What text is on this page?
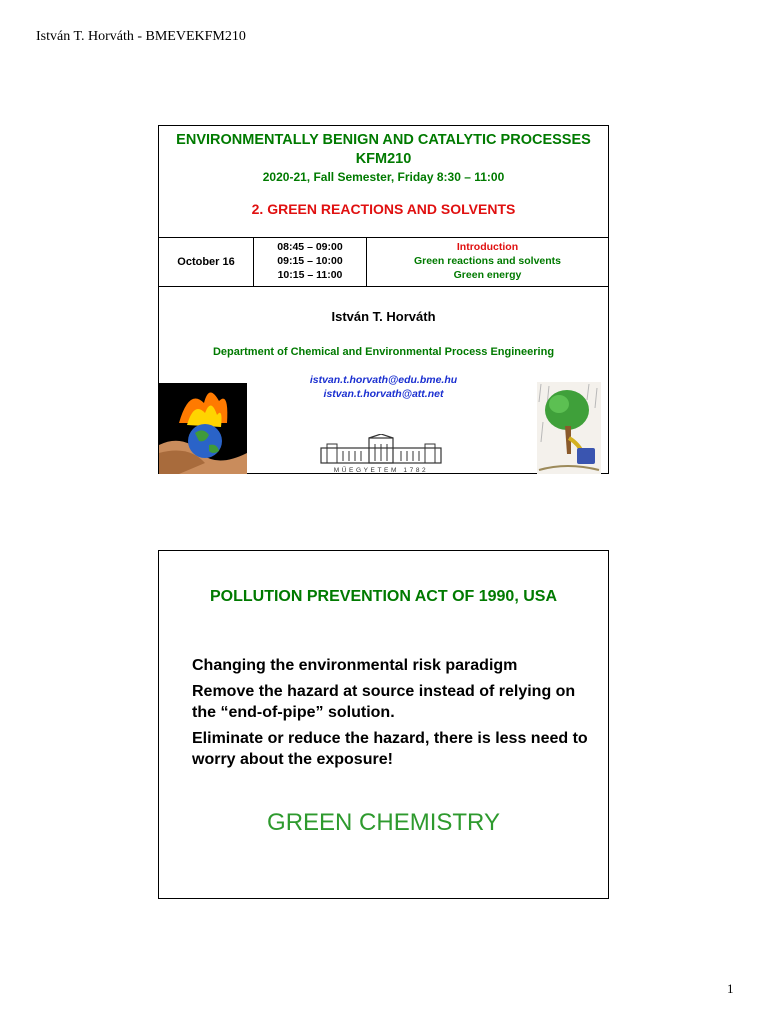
István T. Horváth - BMEVEKFM210
ENVIRONMENTALLY BENIGN AND CATALYTIC PROCESSES
KFM210
2020-21, Fall Semester, Friday 8:30 – 11:00
2. GREEN REACTIONS AND SOLVENTS
October 16
08:45 – 09:00
09:15 – 10:00
10:15 – 11:00
Introduction
Green reactions and solvents
Green energy
István T. Horváth
Department of Chemical and Environmental Process Engineering
istvan.t.horvath@edu.bme.hu
istvan.t.horvath@att.net
MŰEGYETEM 1782
POLLUTION PREVENTION ACT OF 1990, USA

Changing the environmental risk paradigm

Remove the hazard at source instead of relying on the “end-of-pipe” solution.

Eliminate or reduce the hazard, there is less need to worry about the exposure!

GREEN CHEMISTRY
1
